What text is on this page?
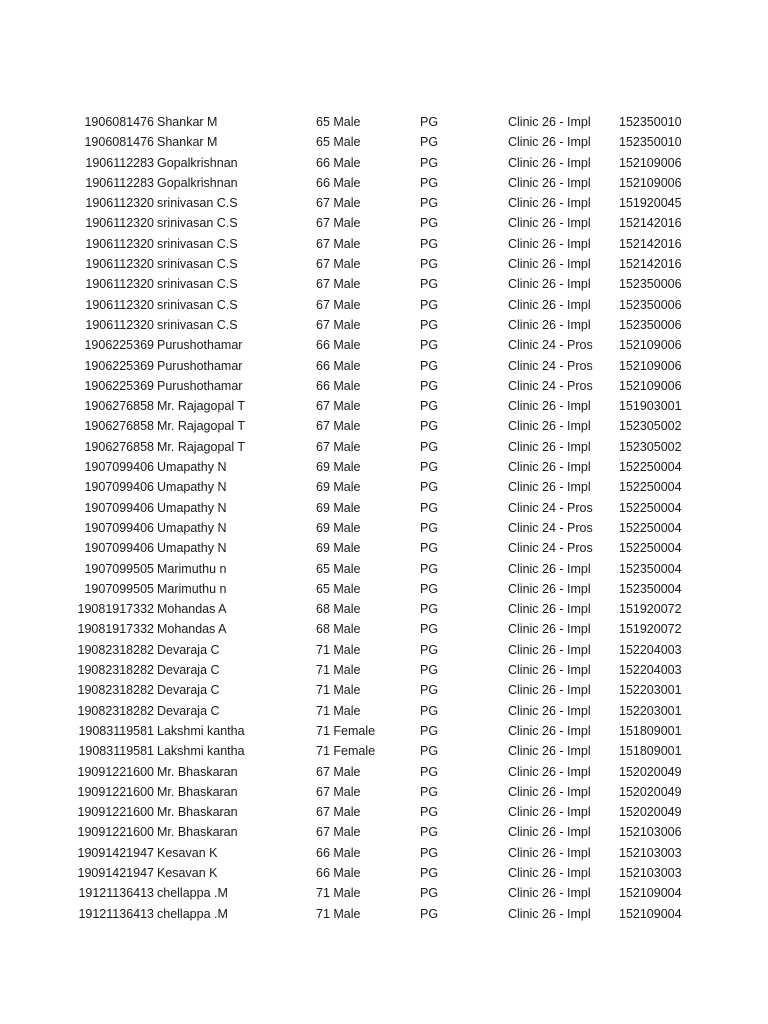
1906081476 Shankar M	65 Male	PG	Clinic 26 - Impl 152350010
1906081476 Shankar M	65 Male	PG	Clinic 26 - Impl 152350010
1906112283 Gopalkrishnan	66 Male	PG	Clinic 26 - Impl 152109006
1906112283 Gopalkrishnan	66 Male	PG	Clinic 26 - Impl 152109006
1906112320 srinivasan C.S	67 Male	PG	Clinic 26 - Impl 151920045
1906112320 srinivasan C.S	67 Male	PG	Clinic 26 - Impl 152142016
1906112320 srinivasan C.S	67 Male	PG	Clinic 26 - Impl 152142016
1906112320 srinivasan C.S	67 Male	PG	Clinic 26 - Impl 152142016
1906112320 srinivasan C.S	67 Male	PG	Clinic 26 - Impl 152350006
1906112320 srinivasan C.S	67 Male	PG	Clinic 26 - Impl 152350006
1906112320 srinivasan C.S	67 Male	PG	Clinic 26 - Impl 152350006
1906225369 Purushothamar	66 Male	PG	Clinic 24 - Pros 152109006
1906225369 Purushothamar	66 Male	PG	Clinic 24 - Pros 152109006
1906225369 Purushothamar	66 Male	PG	Clinic 24 - Pros 152109006
1906276858 Mr. Rajagopal T	67 Male	PG	Clinic 26 - Impl 151903001
1906276858 Mr. Rajagopal T	67 Male	PG	Clinic 26 - Impl 152305002
1906276858 Mr. Rajagopal T	67 Male	PG	Clinic 26 - Impl 152305002
1907099406 Umapathy N	69 Male	PG	Clinic 26 - Impl 152250004
1907099406 Umapathy N	69 Male	PG	Clinic 26 - Impl 152250004
1907099406 Umapathy N	69 Male	PG	Clinic 24 - Pros 152250004
1907099406 Umapathy N	69 Male	PG	Clinic 24 - Pros 152250004
1907099406 Umapathy N	69 Male	PG	Clinic 24 - Pros 152250004
1907099505 Marimuthu n	65 Male	PG	Clinic 26 - Impl 152350004
1907099505 Marimuthu n	65 Male	PG	Clinic 26 - Impl 152350004
19081917332 Mohandas A	68 Male	PG	Clinic 26 - Impl 151920072
19081917332 Mohandas A	68 Male	PG	Clinic 26 - Impl 151920072
19082318282 Devaraja C	71 Male	PG	Clinic 26 - Impl 152204003
19082318282 Devaraja C	71 Male	PG	Clinic 26 - Impl 152204003
19082318282 Devaraja C	71 Male	PG	Clinic 26 - Impl 152203001
19082318282 Devaraja C	71 Male	PG	Clinic 26 - Impl 152203001
19083119581 Lakshmi kantha	71 Female	PG	Clinic 26 - Impl 151809001
19083119581 Lakshmi kantha	71 Female	PG	Clinic 26 - Impl 151809001
19091221600 Mr. Bhaskaran	67 Male	PG	Clinic 26 - Impl 152020049
19091221600 Mr. Bhaskaran	67 Male	PG	Clinic 26 - Impl 152020049
19091221600 Mr. Bhaskaran	67 Male	PG	Clinic 26 - Impl 152020049
19091221600 Mr. Bhaskaran	67 Male	PG	Clinic 26 - Impl 152103006
19091421947 Kesavan K	66 Male	PG	Clinic 26 - Impl 152103003
19091421947 Kesavan K	66 Male	PG	Clinic 26 - Impl 152103003
19121136413 chellappa .M	71 Male	PG	Clinic 26 - Impl 152109004
19121136413 chellappa .M	71 Male	PG	Clinic 26 - Impl 152109004
